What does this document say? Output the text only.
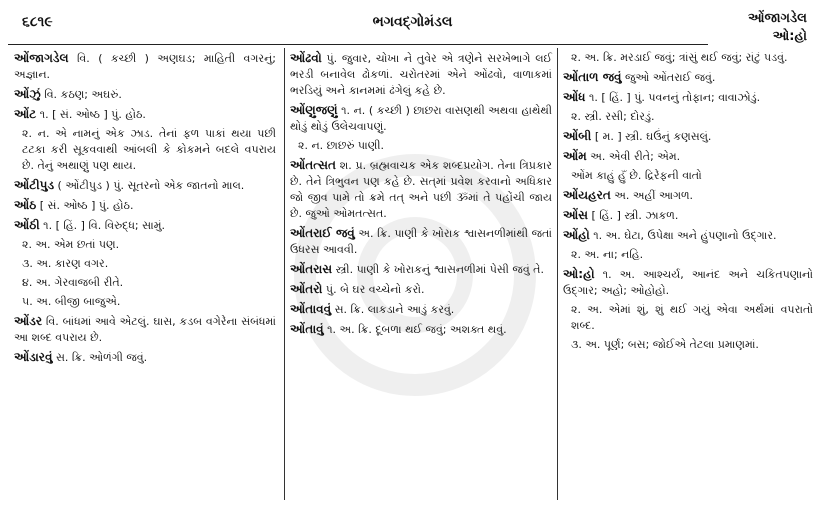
૬૮૧૯	ભગવદ્ગોમંડલ	ઓંજાગડેલ
ઓ:હો
ઓંજાગડેલ વિ. ( કચ્છી ) અણઘડ; માહિતી વગરનું; અજ્ઞાન.
ઓંઝું વિ. કઠણ; અઘરું.
ઓંટ ૧. [ સં. ઓષ્ઠ ] પું. હોઠ.
૨. ન. એ નામનું એક ઝાડ. તેનાં ફળ પાકાં થયા પછી ટટકા કરી સૂકવવાથી આંબલી કે કોકમને બદલે વપરાય છે. તેનું અથાણું પણ થાય.
ઓંટીપુડ ( ઓંટીપુડ ) પું. સૂતરનો એક જાતનો માલ.
ઓંઠ [ સં. ઓષ્ઠ ] પું. હોઠ.
ઓંઠી ૧. [ હિં. ] વિ. વિરુદ્ધ; સામું.
૨. અ. એમ છતાં પણ.
૩. અ. કારણ વગર.
૪. અ. ગેરવાજબી રીતે.
૫. અ. બીજી બાજુએ.
ઓંડર વિ. બાંધમાં આવે એટલું. ઘાસ, કડબ વગેરેના સંબંધમાં આ શબ્દ વપરાય છે.
ઓંડારવું સ. ક્રિ. ઓળંગી જવું.
ઓંઢવો પું. જુવાર, ચોખા ને તુવેર એ ત્રણેને સરખેભાગે લઈ ભરડી બનાવેલ ઢોકળાં. ચરોતરમાં એને ઓંઢવો, વાળાકમાં ભરડિયું અને કાનમમાં ઢંગેલું કહે છે.
ઓંણુજણું ૧. ન. ( કચ્છી ) છાછરા વાસણથી અથવા હાથેથી થોડું થોડું ઉલેચવાપણું.
૨. ન. છાછરું પાણી.
ઓંતત્સત શ. પ્ર. બ્રહ્મવાચક એક શબ્દપ્રયોગ. તેના ત્રિપ્રકાર છે. તેને ત્રિભુવન પણ કહે છે. સત્‌માં પ્રવેશ કરવાનો અધિકાર જો જીવ પામે તો ક્રમે તત્ અને પછી ૐમાં તે પહોંચી જાય છે. જુઓ ઓમતત્સત.
ઓંતરાઈ જવું અ. ક્રિ. પાણી કે ખોરાક શ્વાસનળીમાંથી જતાં ઉધરસ આવવી.
ઓંતરાસ સ્ત્રી. પાણી કે ખોરાકનું શ્વાસનળીમાં પેસી જવું તે.
ઓંતરો પું. બે ઘર વચ્ચેનો કરો.
ઓંતાવવું સ. ક્રિ. લાકડાને આડું કરવું.
ઓંતાવું ૧. અ. ક્રિ. દૂબળા થઈ જવું; અશક્ત થવું.
૨. અ. ક્રિ. મરડાઈ જવું; ત્રાંસું થઈ જવું; રાંટું પડવું.
ઓંતાળ જવું જુઓ ઓંતરાઈ જવું.
ઓંધ ૧. [ હિં. ] પું. પવનનું તોફાન; વાવાઝોડું.
૨. સ્ત્રી. રસી; દોરડું.
ઓંબી [ મ. ] સ્ત્રી. ઘઉંનું કણસલું.
ઓંમ અ. એવી રીતે; એમ.
ઓંમ કાહું હુઁ છે. દ્રિરેફની વાતો
ઓંયહરત અ. અહીં આગળ.
ઓંસ [ હિં. ] સ્ત્રી. ઝાકળ.
ઓંહો ૧. અ. ઘેટા, ઉપેક્ષા અને હુંપણાનો ઉદ્ગાર.
૨. અ. ના; નહિ.
ઓ:હો ૧. અ. આશ્ચર્ય, આનંદ અને ચકિતપણાનો ઉદ્ગાર; અહો; ઓહોહો.
૨. અ. એમાં શું, શું થઈ ગયું એવા અર્થમાં વપરાતો શબ્દ.
૩. અ. પૂર્ણ; બસ; જોઈએ તેટલા પ્રમાણમાં.
